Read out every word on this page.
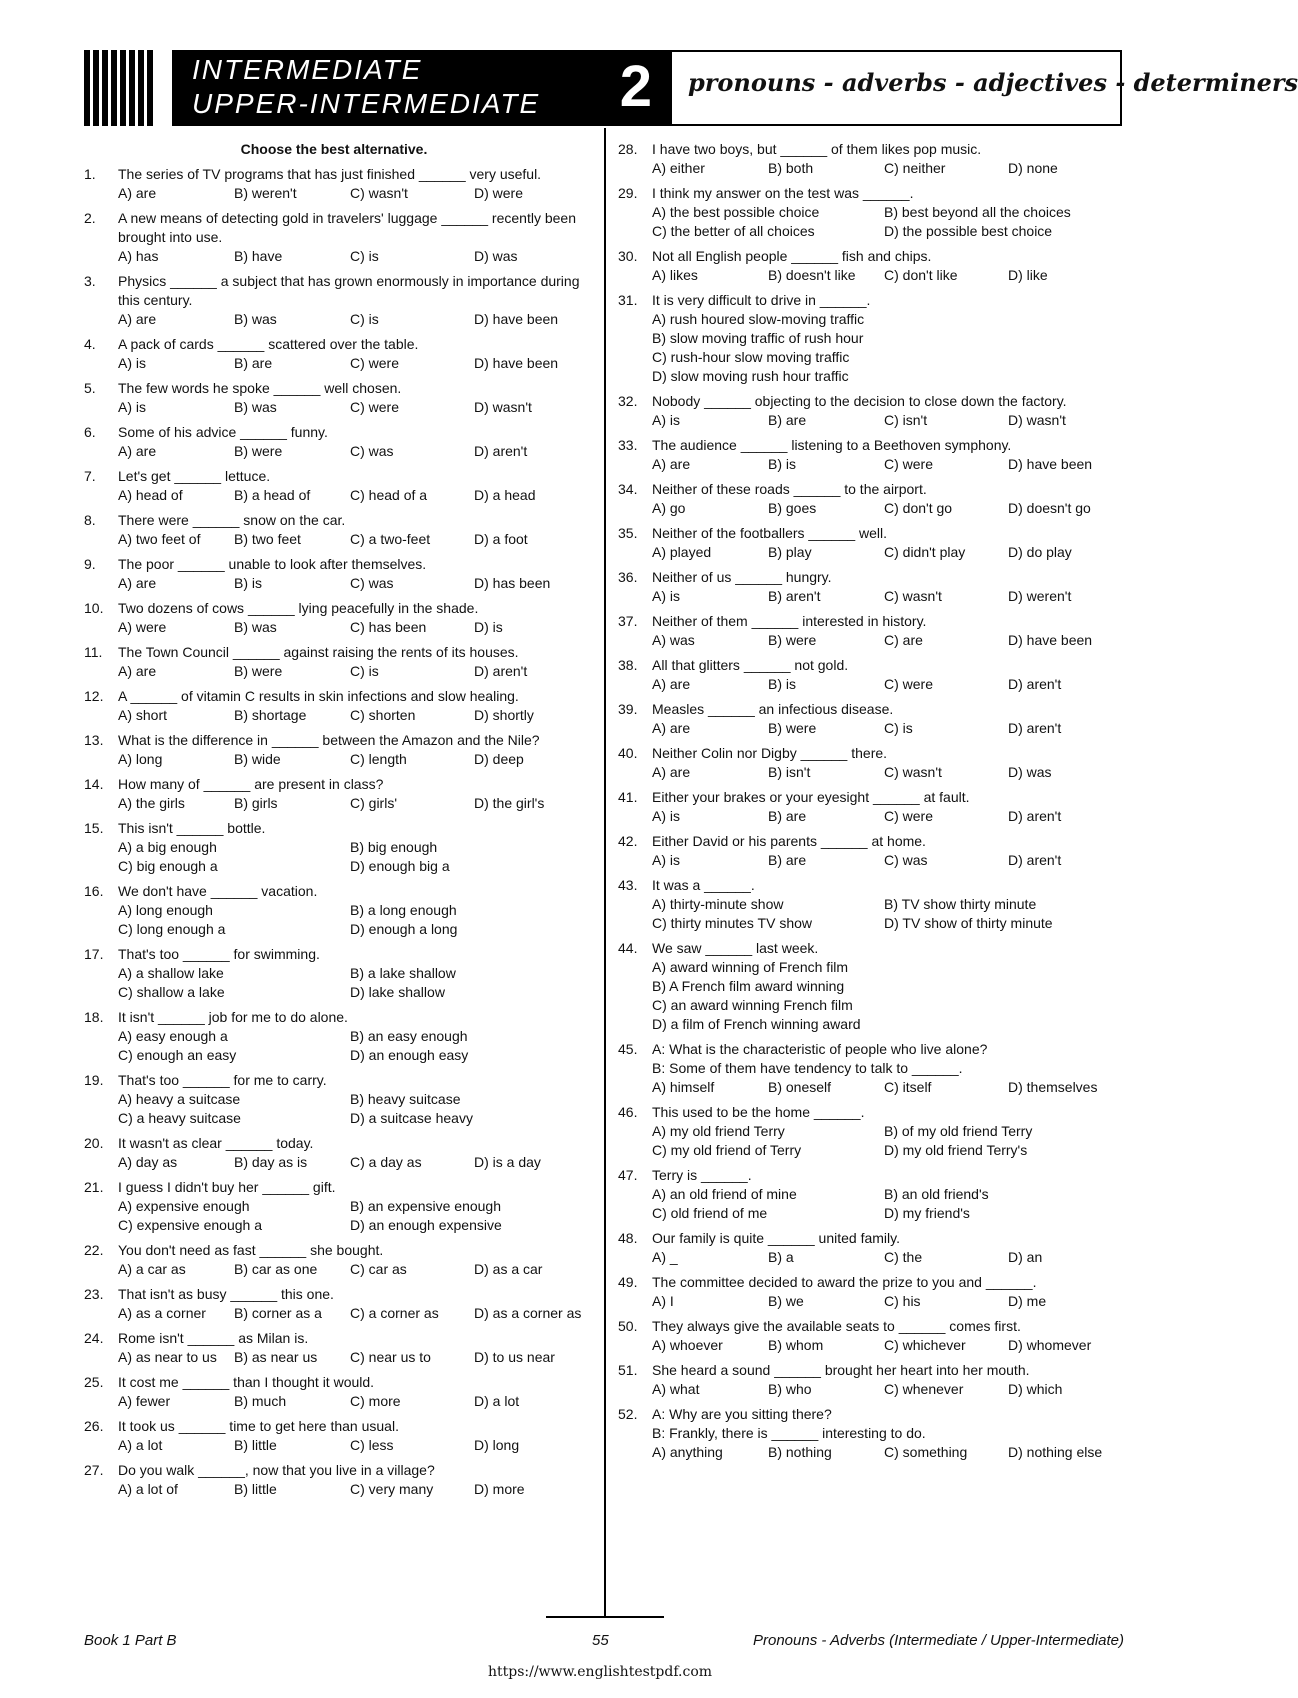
INTERMEDIATE
UPPER-INTERMEDIATE 2 pronouns - adverbs - adjectives - determiners
Choose the best alternative.
1.	The series of TV programs that has just finished ______ very useful.
A) are	B) weren't	C) wasn't	D) were
2.	A new means of detecting gold in travelers' luggage ______ recently been brought into use.
A) has	B) have	C) is	D) was
3.	Physics ______ a subject that has grown enormously in importance during this century.
A) are	B) was	C) is	D) have been
4.	A pack of cards ______ scattered over the table.
A) is	B) are	C) were	D) have been
5.	The few words he spoke ______ well chosen.
A) is	B) was	C) were	D) wasn't
6.	Some of his advice ______ funny.
A) are	B) were	C) was	D) aren't
7.	Let's get ______ lettuce.
A) head of	B) a head of	C) head of a	D) a head
8.	There were ______ snow on the car.
A) two feet of	B) two feet	C) a two-feet	D) a foot
9.	The poor ______ unable to look after themselves.
A) are	B) is	C) was	D) has been
10.	Two dozens of cows ______ lying peacefully in the shade.
A) were	B) was	C) has been	D) is
11.	The Town Council ______ against raising the rents of its houses.
A) are	B) were	C) is	D) aren't
12.	A ______ of vitamin C results in skin infections and slow healing.
A) short	B) shortage	C) shorten	D) shortly
13.	What is the difference in ______ between the Amazon and the Nile?
A) long	B) wide	C) length	D) deep
14.	How many of ______ are present in class?
A) the girls	B) girls	C) girls'	D) the girl's
15.	This isn't ______ bottle.
A) a big enough	B) big enough
C) big enough a	D) enough big a
16.	We don't have ______ vacation.
A) long enough	B) a long enough
C) long enough a	D) enough a long
17.	That's too ______ for swimming.
A) a shallow lake	B) a lake shallow
C) shallow a lake	D) lake shallow
18.	It isn't ______ job for me to do alone.
A) easy enough a	B) an easy enough
C) enough an easy	D) an enough easy
19.	That's too ______ for me to carry.
A) heavy a suitcase	B) heavy suitcase
C) a heavy suitcase	D) a suitcase heavy
20.	It wasn't as clear ______ today.
A) day as	B) day as is	C) a day as	D) is a day
21.	I guess I didn't buy her ______ gift.
A) expensive enough	B) an expensive enough
C) expensive enough a	D) an enough expensive
22.	You don't need as fast ______ she bought.
A) a car as	B) car as one	C) car as	D) as a car
23.	That isn't as busy ______ this one.
A) as a corner	B) corner as a	C) a corner as	D) as a corner as
24.	Rome isn't ______ as Milan is.
A) as near to us	B) as near us	C) near us to	D) to us near
25.	It cost me ______ than I thought it would.
A) fewer	B) much	C) more	D) a lot
26.	It took us ______ time to get here than usual.
A) a lot	B) little	C) less	D) long
27.	Do you walk ______, now that you live in a village?
A) a lot of	B) little	C) very many	D) more
28.	I have two boys, but ______ of them likes pop music.
A) either	B) both	C) neither	D) none
29.	I think my answer on the test was ______.
A) the best possible choice	B) best beyond all the choices
C) the better of all choices	D) the possible best choice
30.	Not all English people ______ fish and chips.
A) likes	B) doesn't like	C) don't like	D) like
31.	It is very difficult to drive in ______.
A) rush houred slow-moving traffic
B) slow moving traffic of rush hour
C) rush-hour slow moving traffic
D) slow moving rush hour traffic
32.	Nobody ______ objecting to the decision to close down the factory.
A) is	B) are	C) isn't	D) wasn't
33.	The audience ______ listening to a Beethoven symphony.
A) are	B) is	C) were	D) have been
34.	Neither of these roads ______ to the airport.
A) go	B) goes	C) don't go	D) doesn't go
35.	Neither of the footballers ______ well.
A) played	B) play	C) didn't play	D) do play
36.	Neither of us ______ hungry.
A) is	B) aren't	C) wasn't	D) weren't
37.	Neither of them ______ interested in history.
A) was	B) were	C) are	D) have been
38.	All that glitters ______ not gold.
A) are	B) is	C) were	D) aren't
39.	Measles ______ an infectious disease.
A) are	B) were	C) is	D) aren't
40.	Neither Colin nor Digby ______ there.
A) are	B) isn't	C) wasn't	D) was
41.	Either your brakes or your eyesight ______ at fault.
A) is	B) are	C) were	D) aren't
42.	Either David or his parents ______ at home.
A) is	B) are	C) was	D) aren't
43.	It was a ______.
A) thirty-minute show	B) TV show thirty minute
C) thirty minutes TV show	D) TV show of thirty minute
44.	We saw ______ last week.
A) award winning of French film
B) A French film award winning
C) an award winning French film
D) a film of French winning award
45.	A: What is the characteristic of people who live alone?
B: Some of them have tendency to talk to ______.
A) himself	B) oneself	C) itself	D) themselves
46.	This used to be the home ______.
A) my old friend Terry	B) of my old friend Terry
C) my old friend of Terry	D) my old friend Terry's
47.	Terry is ______.
A) an old friend of mine	B) an old friend's
C) old friend of me	D) my friend's
48.	Our family is quite ______ united family.
A) _	B) a	C) the	D) an
49.	The committee decided to award the prize to you and ______.
A) I	B) we	C) his	D) me
50.	They always give the available seats to ______ comes first.
A) whoever	B) whom	C) whichever	D) whomever
51.	She heard a sound ______ brought her heart into her mouth.
A) what	B) who	C) whenever	D) which
52.	A: Why are you sitting there?
B: Frankly, there is ______ interesting to do.
A) anything	B) nothing	C) something	D) nothing else
Book 1 Part B	55	Pronouns - Adverbs (Intermediate / Upper-Intermediate)
https://www.englishtestpdf.com
